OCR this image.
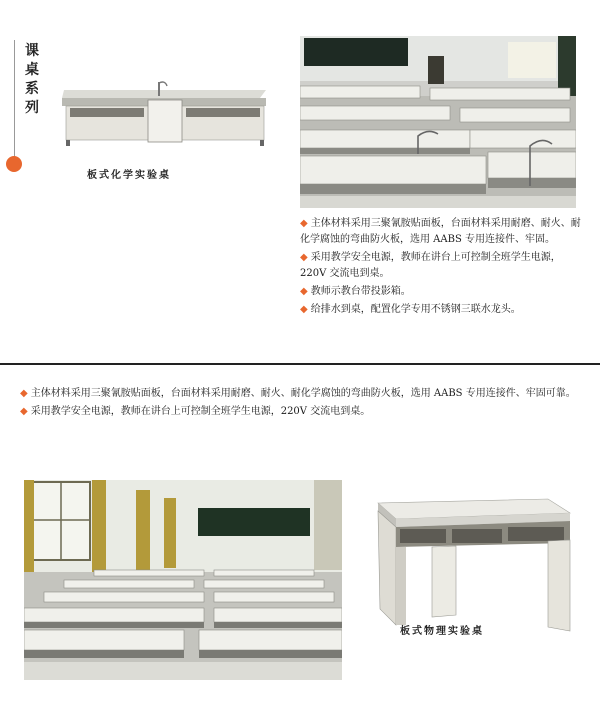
课桌系列
板式化学实验桌

◆ 主体材料采用三聚氰胺贴面板，台面材料采用耐磨、耐火、耐化学腐蚀的弯曲防火板，选用 AABS 专用连接件、牢固。

◆ 采用教学安全电源，教师在讲台上可控制全班学生电源，220V 交流电到桌。

◆ 教师示教台带投影箱。

◆ 给排水到桌，配置化学专用不锈钢三联水龙头。

◆ 主体材料采用三聚氰胺贴面板，台面材料采用耐磨、耐火、耐化学腐蚀的弯曲防火板，选用 AABS 专用连接件、牢固可靠。

◆ 采用教学安全电源，教师在讲台上可控制全班学生电源，220V 交流电到桌。

板式物理实验桌
